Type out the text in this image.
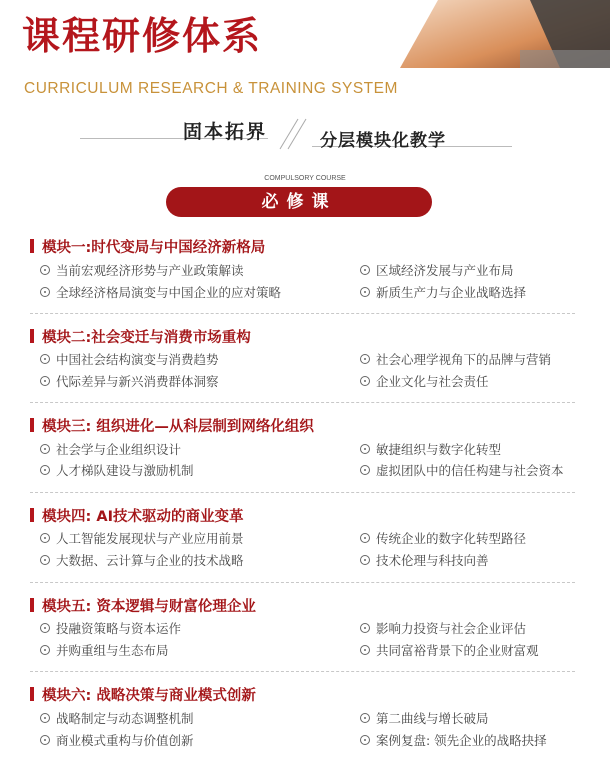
课程研修体系
CURRICULUM RESEARCH & TRAINING SYSTEM
固本拓界	分层模块化教学
COMPULSORY COURSE
必修课
模块一:时代变局与中国经济新格局
当前宏观经济形势与产业政策解读	区域经济发展与产业布局
全球经济格局演变与中国企业的应对策略	新质生产力与企业战略选择
模块二:社会变迁与消费市场重构
中国社会结构演变与消费趋势	社会心理学视角下的品牌与营销
代际差异与新兴消费群体洞察	企业文化与社会责任
模块三: 组织进化—从科层制到网络化组织
社会学与企业组织设计	敏捷组织与数字化转型
人才梯队建设与激励机制	虚拟团队中的信任构建与社会资本
模块四: AI技术驱动的商业变革
人工智能发展现状与产业应用前景	传统企业的数字化转型路径
大数据、云计算与企业的技术战略	技术伦理与科技向善
模块五: 资本逻辑与财富伦理企业
投融资策略与资本运作	影响力投资与社会企业评估
并购重组与生态布局	共同富裕背景下的企业财富观
模块六: 战略决策与商业模式创新
战略制定与动态调整机制	第二曲线与增长破局
商业模式重构与价值创新	案例复盘: 领先企业的战略抉择
